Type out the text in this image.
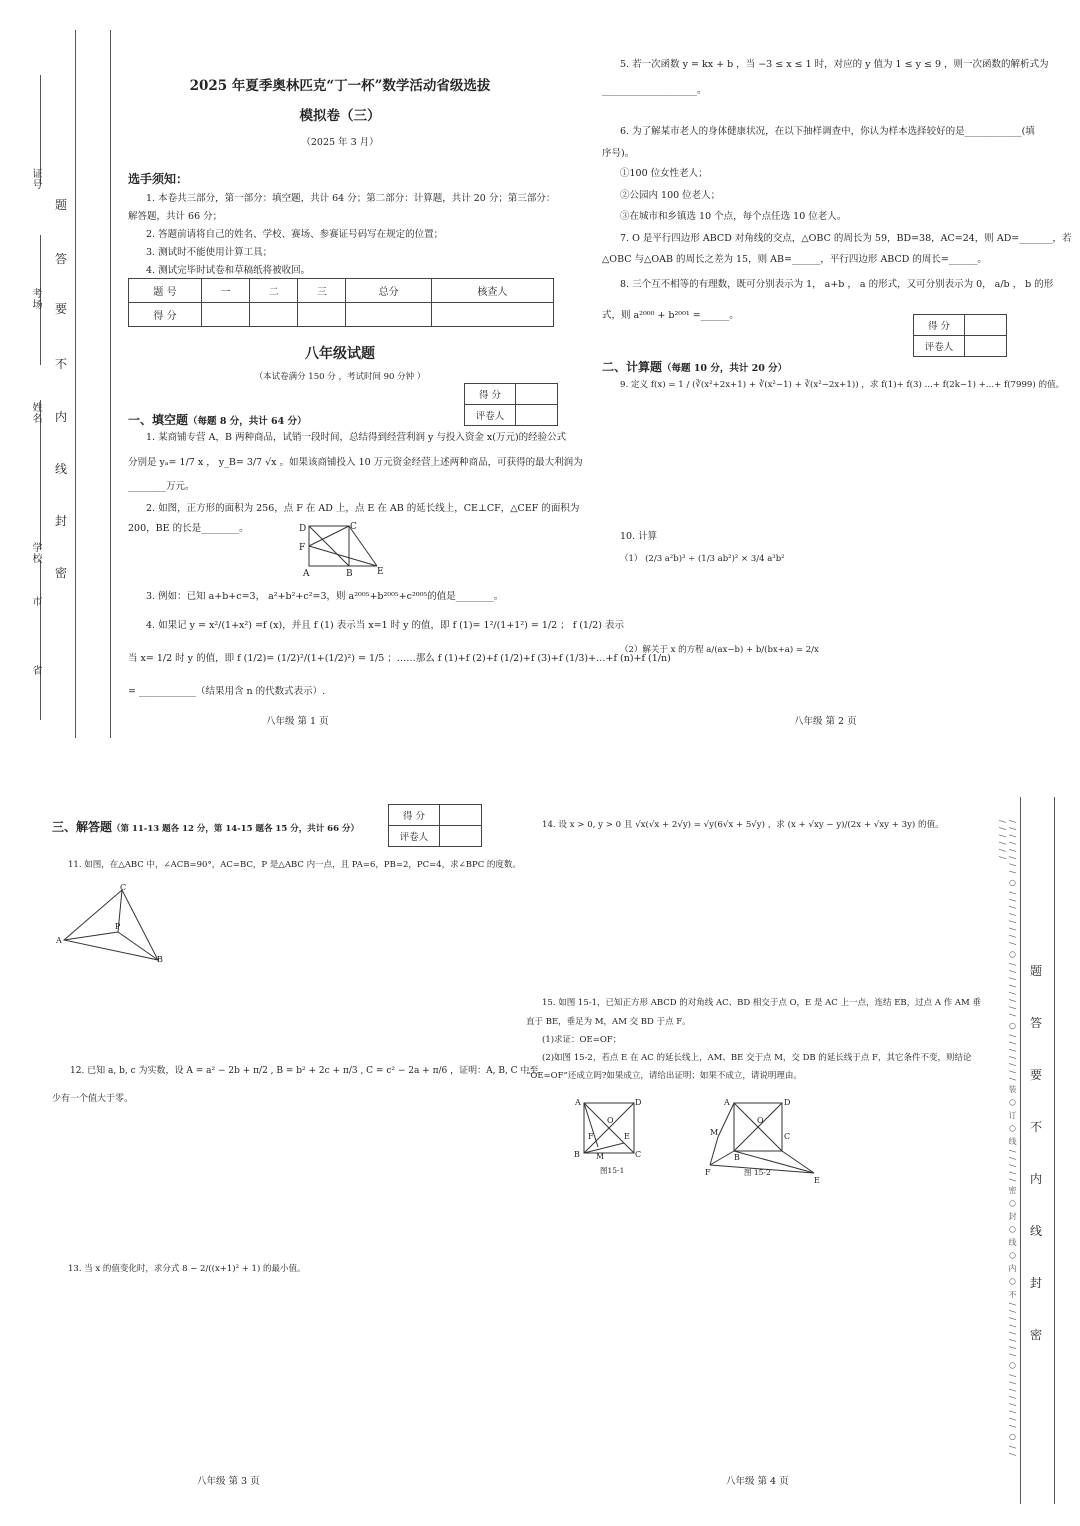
证号
考场
姓名
学校
市
省
题
答
要
不
内
线
封
密
2025 年夏季奥林匹克“丁一杯”数学活动省级选拔
模拟卷（三）
（2025 年 3 月）
选手须知：
1. 本卷共三部分，第一部分：填空题，共计 64 分；第二部分：计算题，共计 20 分；第三部分：
解答题，共计 66 分；
2. 答题前请将自己的姓名、学校、赛场、参赛证号码写在规定的位置；
3. 测试时不能使用计算工具；
4. 测试完毕时试卷和草稿纸将被收回。
题 号	一	二	三	总分	核查人
得 分					
八年级试题
（本试卷满分 150 分 ，考试时间 90 分钟 ）
得 分	
评卷人	
一、填空题（每题 8 分，共计 64 分）
1. 某商铺专营 A，B 两种商品，试销一段时间，总结得到经营利润 y 与投入资金 x(万元)的经验公式
分别是 yₐ= 1/7 x ， y_B= 3/7 √x 。如果该商铺投入 10 万元资金经营上述两种商品，可获得的最大利润为
________万元。
2. 如图，正方形的面积为 256，点 F 在 AD 上，点 E 在 AB 的延长线上，CE⊥CF，△CEF 的面积为
200，BE 的长是________。	D	C
F
A	B	E
3. 例如：已知 a+b+c=3， a²+b²+c²=3，则 a²⁰⁰⁵+b²⁰⁰⁵+c²⁰⁰⁵的值是________。
4. 如果记 y = x²/(1+x²) =f (x)，并且 f (1) 表示当 x=1 时 y 的值，即 f (1)= 1²/(1+1²) = 1/2 ； f (1/2) 表示
当 x= 1/2 时 y 的值，即 f (1/2)= (1/2)²/(1+(1/2)²) = 1/5 ；……那么 f (1)+f (2)+f (1/2)+f (3)+f (1/3)+…+f (n)+f (1/n)
= ____________（结果用含 n 的代数式表示）.
八年级 第 1 页
5. 若一次函数 y = kx + b ，当 −3 ≤ x ≤ 1 时，对应的 y 值为 1 ≤ y ≤ 9 ，则一次函数的解析式为
____________________。
6. 为了解某市老人的身体健康状况，在以下抽样调查中，你认为样本选择较好的是____________(填
序号)。
①100 位女性老人；
②公园内 100 位老人；
③在城市和乡镇选 10 个点，每个点任选 10 位老人。
7. O 是平行四边形 ABCD 对角线的交点，△OBC 的周长为 59，BD=38，AC=24，则 AD=_______，若
△OBC 与△OAB 的周长之差为 15，则 AB=______，平行四边形 ABCD 的周长=______。
8. 三个互不相等的有理数，既可分别表示为 1， a+b ， a 的形式，又可分别表示为 0， a/b ， b 的形
式，则 a²⁰⁰⁰ + b²⁰⁰¹ =______。
得 分	
评卷人	
二、计算题（每题 10 分，共计 20 分）
9. 定义 f(x) = 1 / (∛(x²+2x+1) + ∛(x²−1) + ∛(x²−2x+1)) ，求 f(1)+ f(3) ...+ f(2k−1) +...+ f(7999) 的值。
10. 计算
（1） (2/3 a²b)³ ÷ (1/3 ab²)² × 3/4 a³b²
（2）解关于 x 的方程 a/(ax−b) + b/(bx+a) = 2/x
八年级 第 2 页
三、解答题（第 11-13 题各 12 分，第 14-15 题各 15 分，共计 66 分）
得 分	
评卷人	
11. 如图，在△ABC 中，∠ACB=90°，AC=BC，P 是△ABC 内一点，且 PA=6，PB=2，PC=4，求∠BPC 的度数。
C
P
A
B
12. 已知 a, b, c 为实数，设 A = a² − 2b + π/2 , B = b² + 2c + π/3 , C = c² − 2a + π/6 ，证明：A, B, C 中至
少有一个值大于零。
13. 当 x 的值变化时，求分式 8 − 2/((x+1)² + 1) 的最小值。
八年级 第 3 页
14. 设 x > 0, y > 0 且 √x(√x + 2√y) = √y(6√x + 5√y) ，求 (x + √xy − y)/(2x + √xy + 3y) 的值。
15. 如图 15-1，已知正方形 ABCD 的对角线 AC、BD 相交于点 O，E 是 AC 上一点，连结 EB，过点 A 作 AM 垂
直于 BE，垂足为 M，AM 交 BD 于点 F。
(1)求证：OE=OF；
(2)如图 15-2，若点 E 在 AC 的延长线上，AM、BE 交于点 M，交 DB 的延长线于点 F，其它条件不变，则结论
“OE=OF”还成立吗?如果成立，请给出证明；如果不成立，请说明理由。
A	D
O
F	E
B M	C
图15-1
A	D
O
M	C
B
F
E
图 15-2
八年级 第 4 页
/ / / / / / / / ○ / / / / / / / / ○ / / / / / / / / ○ / / / / / / / 装 ○ 订 ○ 线 / / / / / 密 ○ 封 ○ 线 ○ 内 ○ 不 / / / / / / / / ○ / / / / / / / / ○ / / / / / / / /
题
答
要
不
内
线
封
密
